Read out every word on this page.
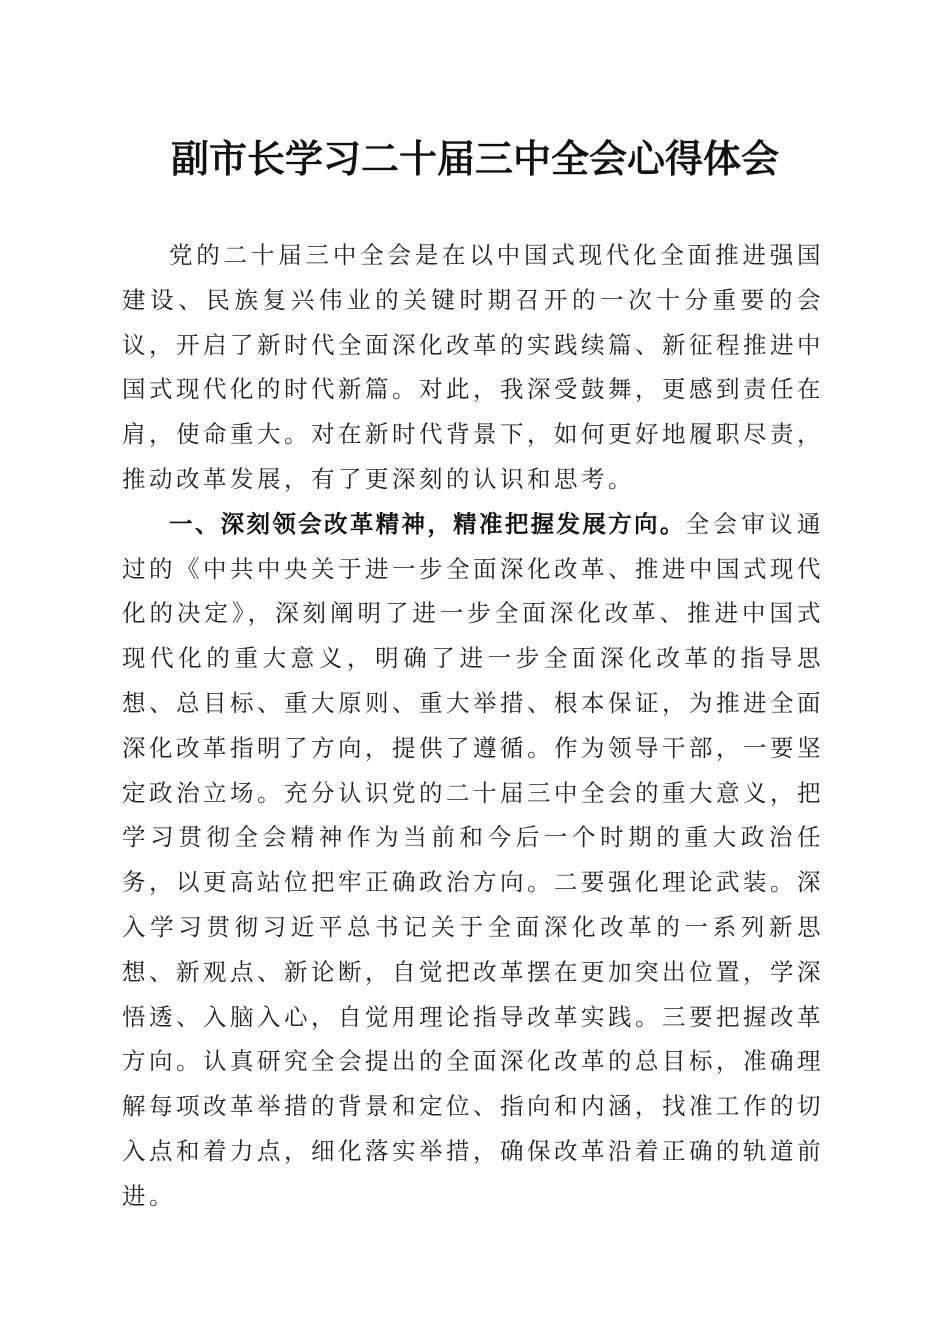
副市长学习二十届三中全会心得体会

党的二十届三中全会是在以中国式现代化全面推进强国建设、民族复兴伟业的关键时期召开的一次十分重要的会议，开启了新时代全面深化改革的实践续篇、新征程推进中国式现代化的时代新篇。对此，我深受鼓舞，更感到责任在肩，使命重大。对在新时代背景下，如何更好地履职尽责，推动改革发展，有了更深刻的认识和思考。

一、深刻领会改革精神，精准把握发展方向。全会审议通过的《中共中央关于进一步全面深化改革、推进中国式现代化的决定》，深刻阐明了进一步全面深化改革、推进中国式现代化的重大意义，明确了进一步全面深化改革的指导思想、总目标、重大原则、重大举措、根本保证，为推进全面深化改革指明了方向，提供了遵循。作为领导干部，一要坚定政治立场。充分认识党的二十届三中全会的重大意义，把学习贯彻全会精神作为当前和今后一个时期的重大政治任务，以更高站位把牢正确政治方向。二要强化理论武装。深入学习贯彻习近平总书记关于全面深化改革的一系列新思想、新观点、新论断，自觉把改革摆在更加突出位置，学深悟透、入脑入心，自觉用理论指导改革实践。三要把握改革方向。认真研究全会提出的全面深化改革的总目标，准确理解每项改革举措的背景和定位、指向和内涵，找准工作的切入点和着力点，细化落实举措，确保改革沿着正确的轨道前进。
